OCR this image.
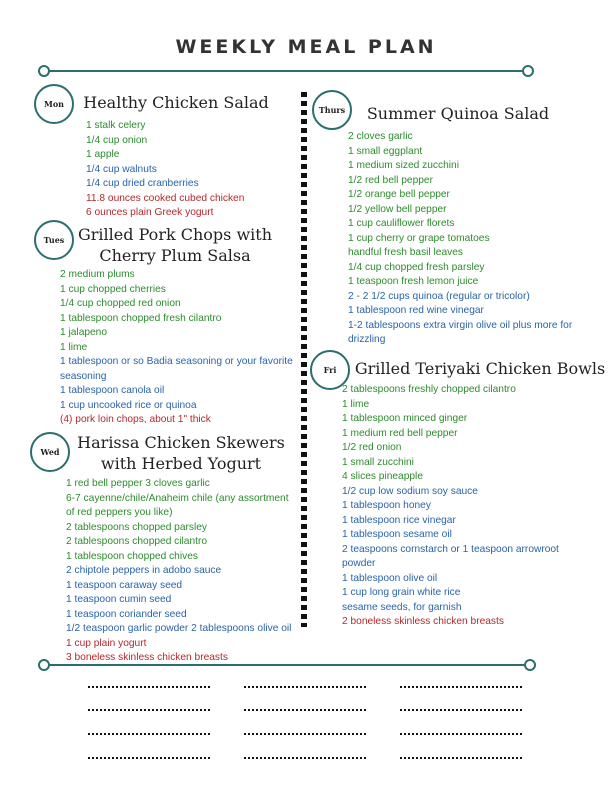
WEEKLY MEAL PLAN
Mon	Healthy Chicken Salad
1 stalk celery
1/4 cup onion
1 apple
1/4 cup walnuts
1/4 cup dried cranberries
11.8 ounces cooked cubed chicken
6 ounces plain Greek yogurt
Tues Grilled Pork Chops with
Cherry Plum Salsa
2 medium plums
1 cup chopped cherries
1/4 cup chopped red onion
1 tablespoon chopped fresh cilantro
1 jalapeno
1 lime
1 tablespoon or so Badia seasoning or your favorite seasoning
1 tablespoon canola oil
1 cup uncooked rice or quinoa
(4) pork loin chops, about 1" thick
Wed	Harissa Chicken Skewers
with Herbed Yogurt
1 red bell pepper 3 cloves garlic
6-7 cayenne/chile/Anaheim chile (any assortment of red peppers you like)
2 tablespoons chopped parsley
2 tablespoons chopped cilantro
1 tablespoon chopped chives
2 chiptole peppers in adobo sauce
1 teaspoon caraway seed
1 teaspoon cumin seed
1 teaspoon coriander seed
1/2 teaspoon garlic powder 2 tablespoons olive oil
1 cup plain yogurt
3 boneless skinless chicken breasts
Thurs	Summer Quinoa Salad
2 cloves garlic
1 small eggplant
1 medium sized zucchini
1/2 red bell pepper
1/2 orange bell pepper
1/2 yellow bell pepper
1 cup cauliflower florets
1 cup cherry or grape tomatoes
handful fresh basil leaves
1/4 cup chopped fresh parsley
1 teaspoon fresh lemon juice
2 - 2 1/2 cups quinoa (regular or tricolor)
1 tablespoon red wine vinegar
1-2 tablespoons extra virgin olive oil plus more for drizzling
Fri	Grilled Teriyaki Chicken Bowls
2 tablespoons freshly chopped cilantro
1 lime
1 tablespoon minced ginger
1 medium red bell pepper
1/2 red onion
1 small zucchini
4 slices pineapple
1/2 cup low sodium soy sauce
1 tablespoon honey
1 tablespoon rice vinegar
1 tablespoon sesame oil
2 teaspoons cornstarch or 1 teaspoon arrowroot powder
1 tablespoon olive oil
1 cup long grain white rice
sesame seeds, for garnish
2 boneless skinless chicken breasts
